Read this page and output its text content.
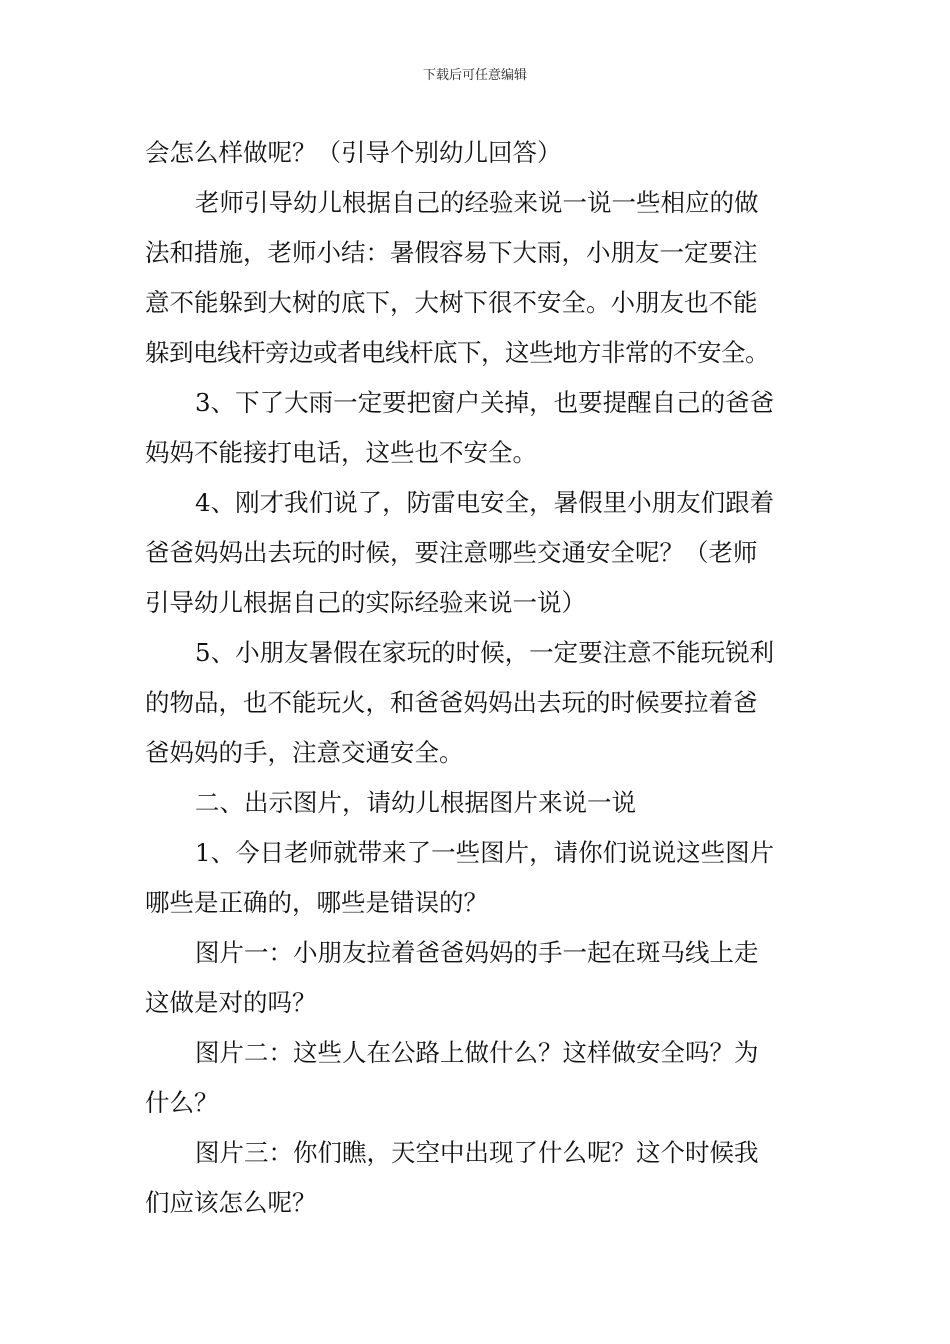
下载后可任意编辑
会怎么样做呢？（引导个别幼儿回答）
老师引导幼儿根据自己的经验来说一说一些相应的做
法和措施，老师小结：暑假容易下大雨，小朋友一定要注
意不能躲到大树的底下，大树下很不安全。小朋友也不能
躲到电线杆旁边或者电线杆底下，这些地方非常的不安全。
3、下了大雨一定要把窗户关掉，也要提醒自己的爸爸
妈妈不能接打电话，这些也不安全。
4、刚才我们说了，防雷电安全，暑假里小朋友们跟着
爸爸妈妈出去玩的时候，要注意哪些交通安全呢？（老师
引导幼儿根据自己的实际经验来说一说）
5、小朋友暑假在家玩的时候，一定要注意不能玩锐利
的物品，也不能玩火，和爸爸妈妈出去玩的时候要拉着爸
爸妈妈的手，注意交通安全。
二、出示图片，请幼儿根据图片来说一说
1、今日老师就带来了一些图片，请你们说说这些图片
哪些是正确的，哪些是错误的？
图片一：小朋友拉着爸爸妈妈的手一起在斑马线上走
这做是对的吗？
图片二：这些人在公路上做什么？这样做安全吗？为
什么？
图片三：你们瞧，天空中出现了什么呢？这个时候我
们应该怎么呢？
